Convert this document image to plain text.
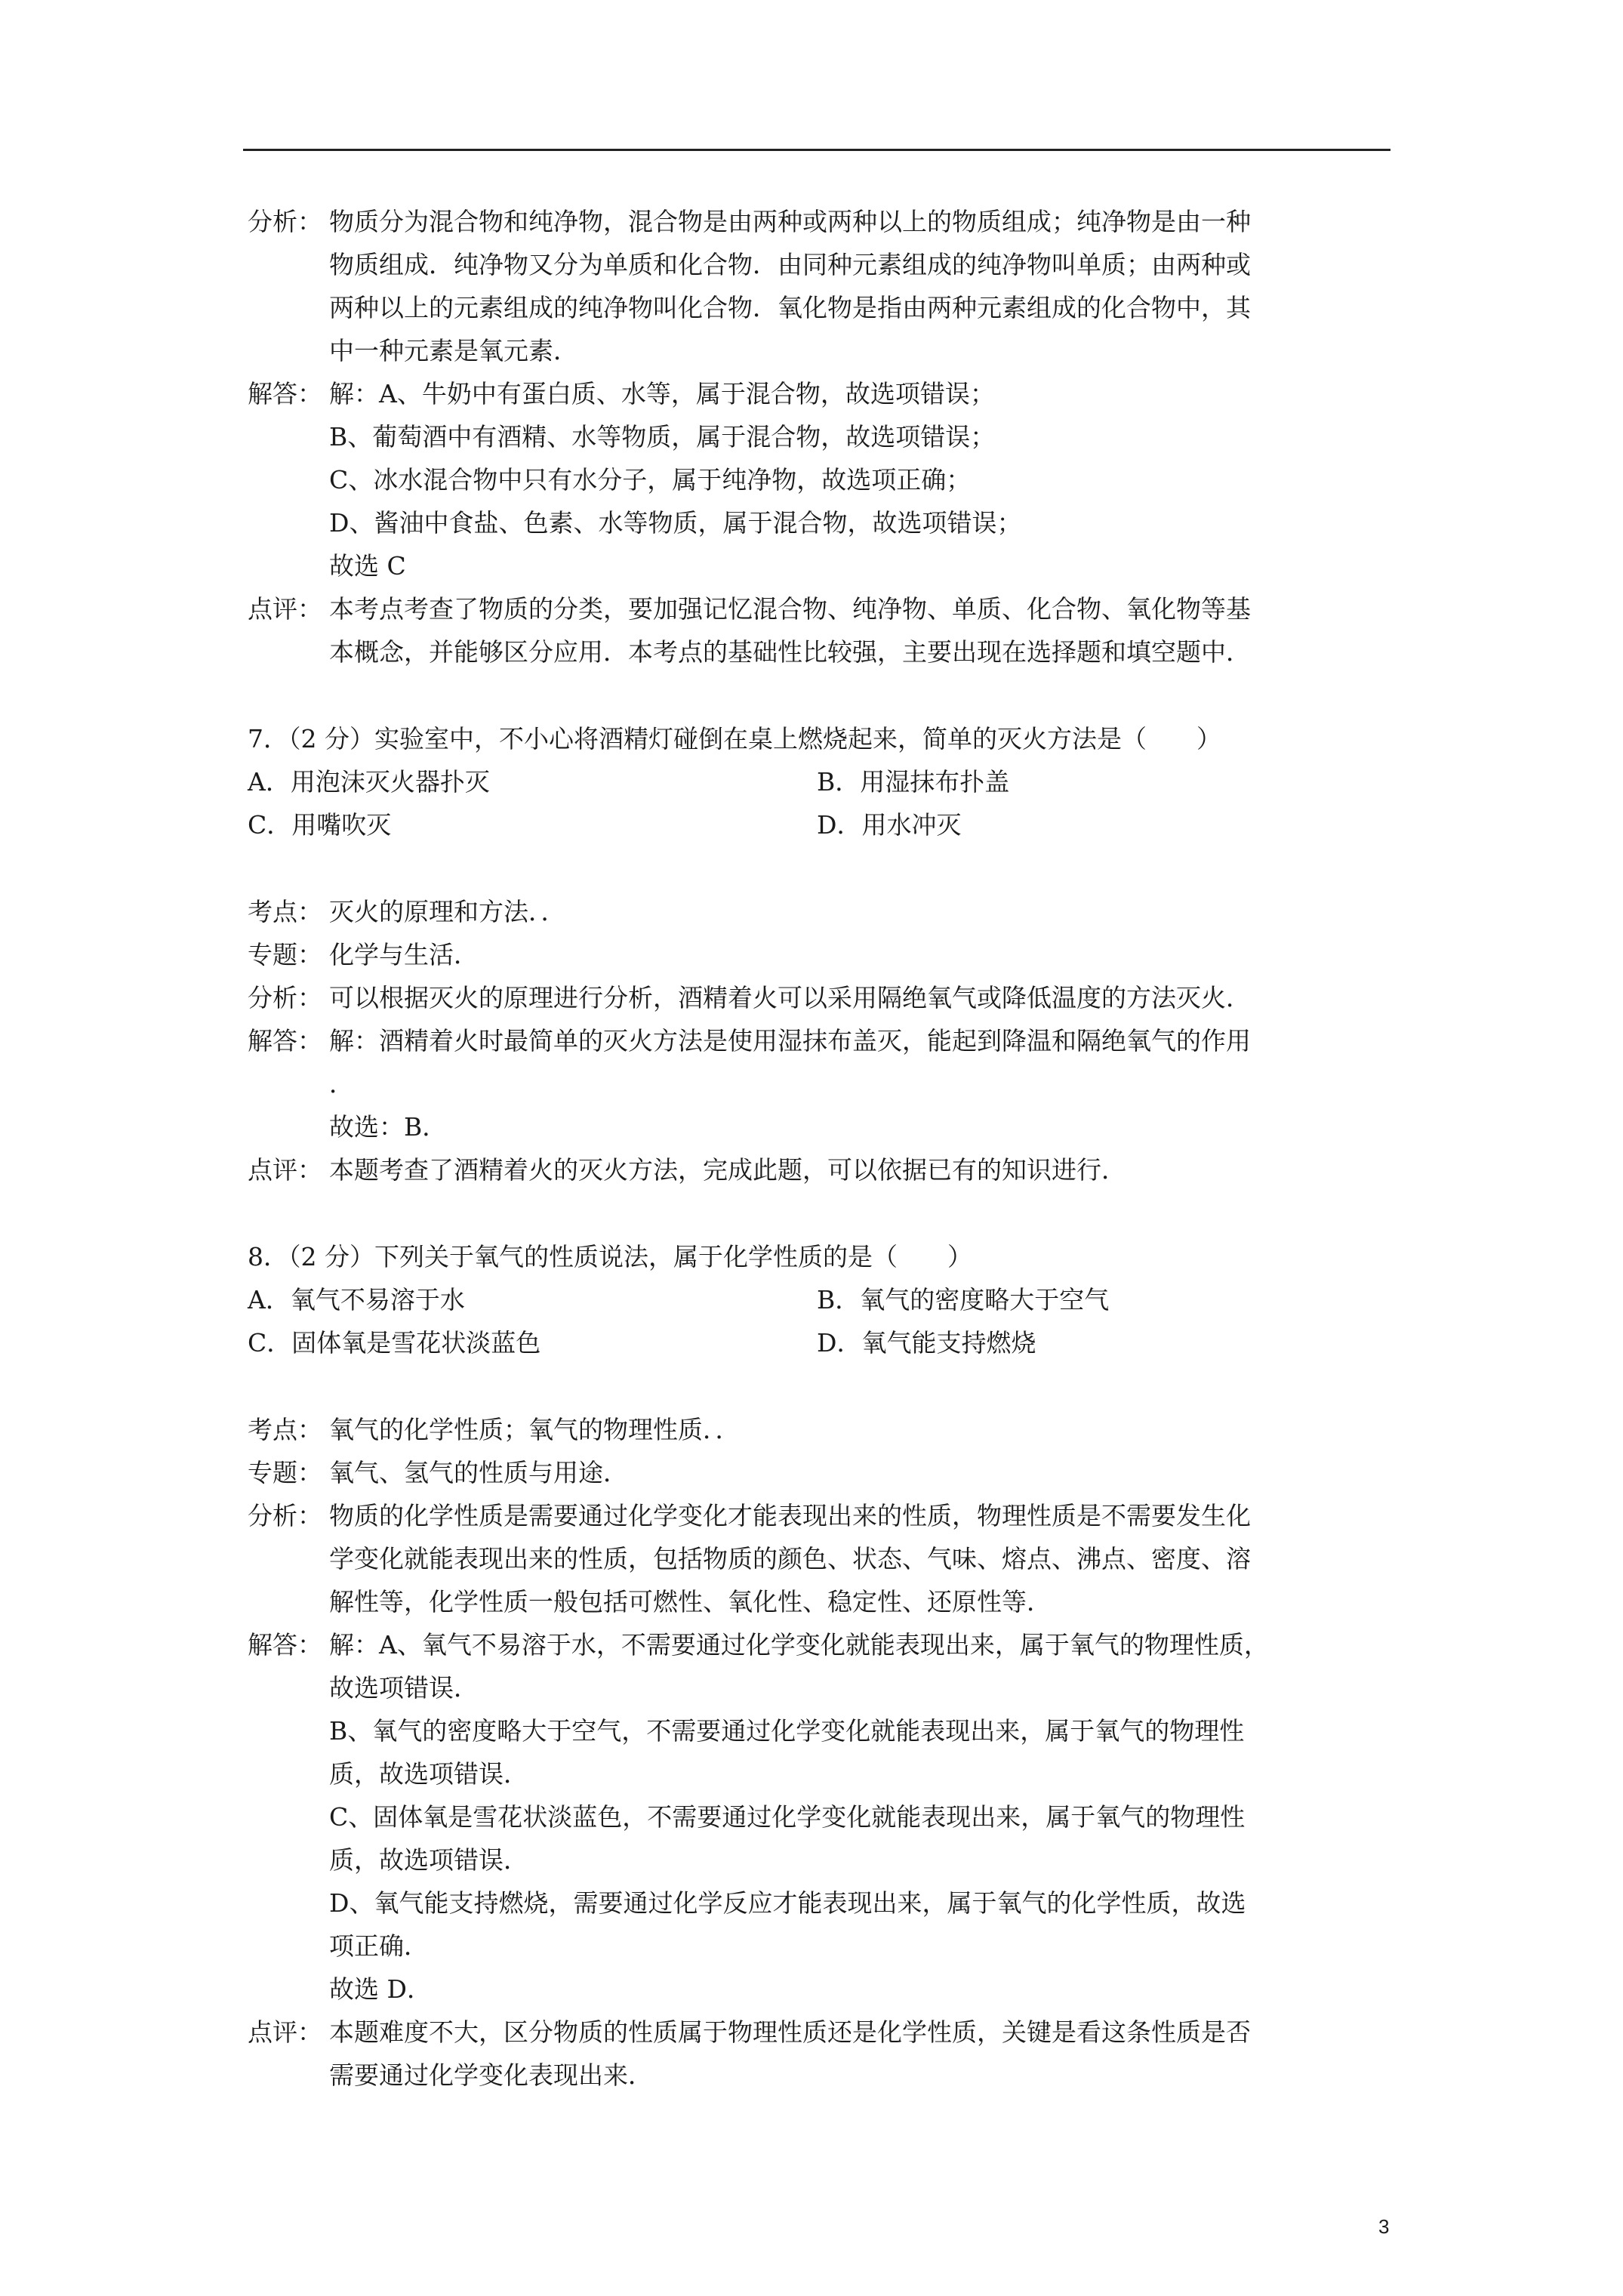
分析： 物质分为混合物和纯净物，混合物是由两种或两种以上的物质组成；纯净物是由一种
物质组成．纯净物又分为单质和化合物．由同种元素组成的纯净物叫单质；由两种或
两种以上的元素组成的纯净物叫化合物．氧化物是指由两种元素组成的化合物中，其
中一种元素是氧元素．
解答： 解：A、牛奶中有蛋白质、水等，属于混合物，故选项错误；
B、葡萄酒中有酒精、水等物质，属于混合物，故选项错误；
C、冰水混合物中只有水分子，属于纯净物，故选项正确；
D、酱油中食盐、色素、水等物质，属于混合物，故选项错误；
故选 C
点评： 本考点考查了物质的分类，要加强记忆混合物、纯净物、单质、化合物、氧化物等基
本概念，并能够区分应用．本考点的基础性比较强，主要出现在选择题和填空题中．
7．（2 分）实验室中，不小心将酒精灯碰倒在桌上燃烧起来，简单的灭火方法是（　　）
A．用泡沫灭火器扑灭	B．用湿抹布扑盖
C．用嘴吹灭	D．用水冲灭
考点： 灭火的原理和方法．．
专题： 化学与生活．
分析： 可以根据灭火的原理进行分析，酒精着火可以采用隔绝氧气或降低温度的方法灭火．
解答： 解：酒精着火时最简单的灭火方法是使用湿抹布盖灭，能起到降温和隔绝氧气的作用
．
故选：B．
点评： 本题考查了酒精着火的灭火方法，完成此题，可以依据已有的知识进行．
8．（2 分）下列关于氧气的性质说法，属于化学性质的是（　　）
A．氧气不易溶于水	B．氧气的密度略大于空气
C．固体氧是雪花状淡蓝色	D．氧气能支持燃烧
考点： 氧气的化学性质；氧气的物理性质．．
专题： 氧气、氢气的性质与用途．
分析： 物质的化学性质是需要通过化学变化才能表现出来的性质，物理性质是不需要发生化
学变化就能表现出来的性质，包括物质的颜色、状态、气味、熔点、沸点、密度、溶
解性等，化学性质一般包括可燃性、氧化性、稳定性、还原性等．
解答： 解：A、氧气不易溶于水，不需要通过化学变化就能表现出来，属于氧气的物理性质，
故选项错误．
B、氧气的密度略大于空气，不需要通过化学变化就能表现出来，属于氧气的物理性
质，故选项错误．
C、固体氧是雪花状淡蓝色，不需要通过化学变化就能表现出来，属于氧气的物理性
质，故选项错误．
D、氧气能支持燃烧，需要通过化学反应才能表现出来，属于氧气的化学性质，故选
项正确．
故选 D．
点评： 本题难度不大，区分物质的性质属于物理性质还是化学性质，关键是看这条性质是否
需要通过化学变化表现出来．
3
